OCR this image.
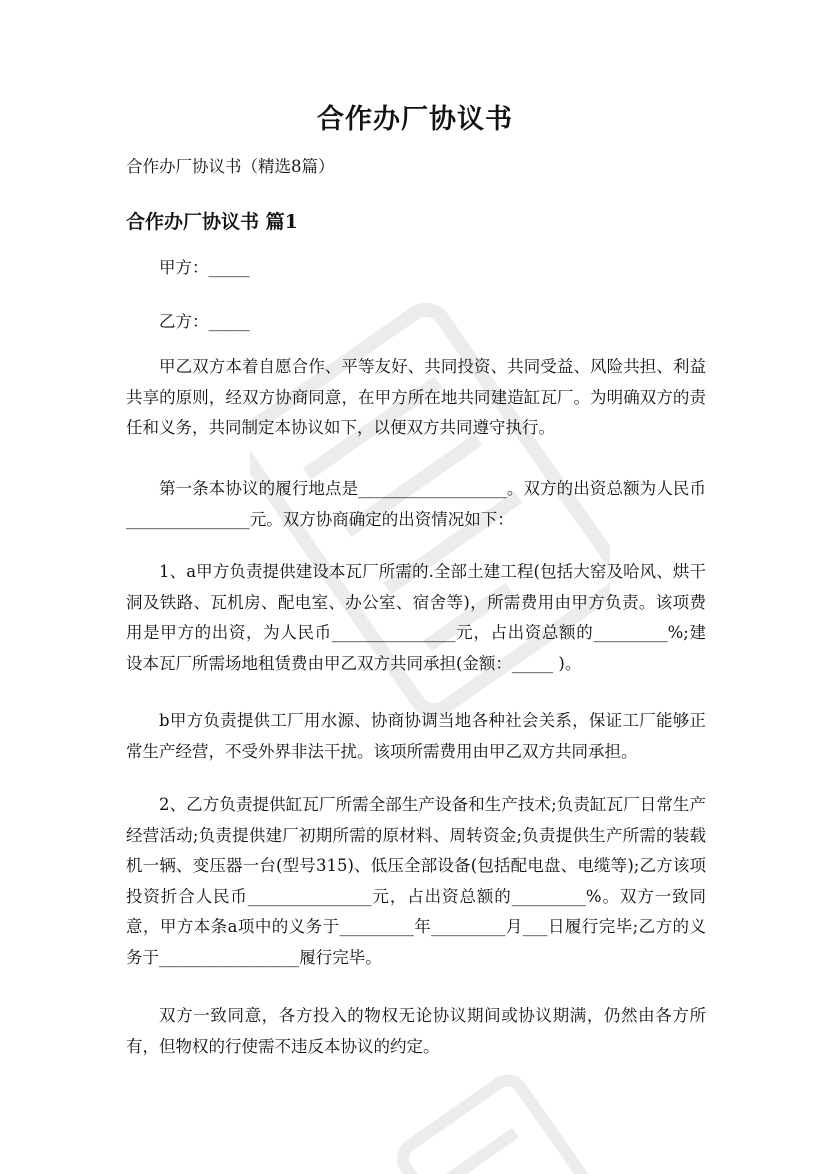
合作办厂协议书
合作办厂协议书（精选8篇）
合作办厂协议书 篇1

甲方：_____

乙方：_____

甲乙双方本着自愿合作、平等友好、共同投资、共同受益、风险共担、利益共享的原则，经双方协商同意，在甲方所在地共同建造缸瓦厂。为明确双方的责任和义务，共同制定本协议如下，以便双方共同遵守执行。

第一条本协议的履行地点是__________________。双方的出资总额为人民币_______________元。双方协商确定的出资情况如下：

1、a甲方负责提供建设本瓦厂所需的.全部土建工程(包括大窑及哈风、烘干洞及铁路、瓦机房、配电室、办公室、宿舍等)，所需费用由甲方负责。该项费用是甲方的出资，为人民币_______________元，占出资总额的_________%;建设本瓦厂所需场地租赁费由甲乙双方共同承担(金额：_____ )。

b甲方负责提供工厂用水源、协商协调当地各种社会关系，保证工厂能够正常生产经营，不受外界非法干扰。该项所需费用由甲乙双方共同承担。

2、乙方负责提供缸瓦厂所需全部生产设备和生产技术;负责缸瓦厂日常生产经营活动;负责提供建厂初期所需的原材料、周转资金;负责提供生产所需的装载机一辆、变压器一台(型号315)、低压全部设备(包括配电盘、电缆等);乙方该项投资折合人民币_______________元，占出资总额的_________%。双方一致同意，甲方本条a项中的义务于_________年_________月___日履行完毕;乙方的义务于_________________履行完毕。

双方一致同意，各方投入的物权无论协议期间或协议期满，仍然由各方所有，但物权的行使需不违反本协议的约定。
